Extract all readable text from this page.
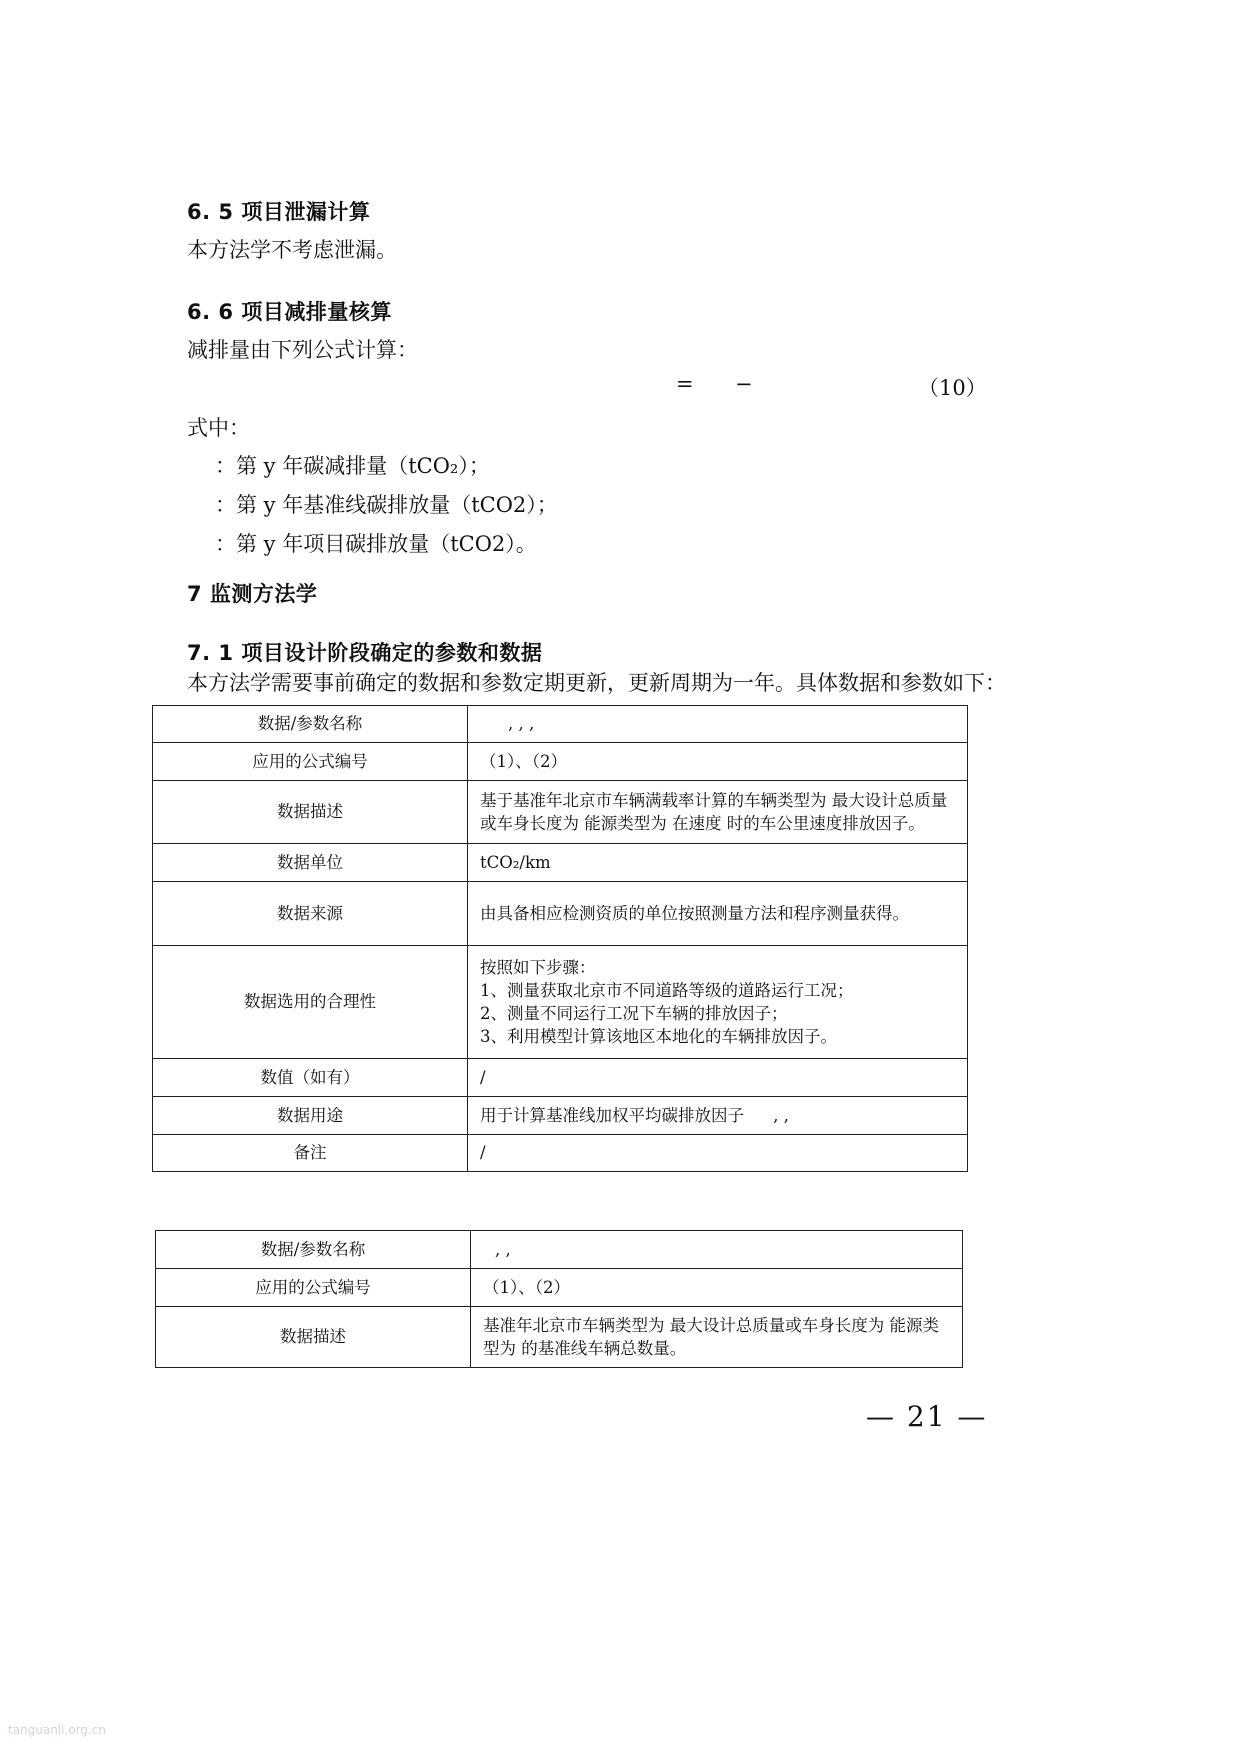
6. 5 项目泄漏计算
本方法学不考虑泄漏。
6. 6 项目减排量核算
减排量由下列公式计算：
= −	（10）
式中：
：第 y 年碳减排量（tCO₂）；
：第 y 年基准线碳排放量（tCO2）；
：第 y 年项目碳排放量（tCO2）。
7 监测方法学
7. 1 项目设计阶段确定的参数和数据
本方法学需要事前确定的数据和参数定期更新，更新周期为一年。具体数据和参数如下：
数据/参数名称	, , ,
应用的公式编号	（1）、（2）
数据描述	基于基准年北京市车辆满载率计算的车辆类型为 最大设计总质量或车身长度为 能源类型为 在速度 时的车公里速度排放因子。
数据单位	tCO₂/km
数据来源	由具备相应检测资质的单位按照测量方法和程序测量获得。
数据选用的合理性	按照如下步骤：
1、测量获取北京市不同道路等级的道路运行工况；
2、测量不同运行工况下车辆的排放因子；
3、利用模型计算该地区本地化的车辆排放因子。

数值（如有）	/
数据用途	用于计算基准线加权平均碳排放因子 , ,
备注	/
数据/参数名称	, ,
应用的公式编号	（1）、（2）
数据描述	基准年北京市车辆类型为 最大设计总质量或车身长度为 能源类型为 的基准线车辆总数量。
— 21 —
tanguanli.org.cn
